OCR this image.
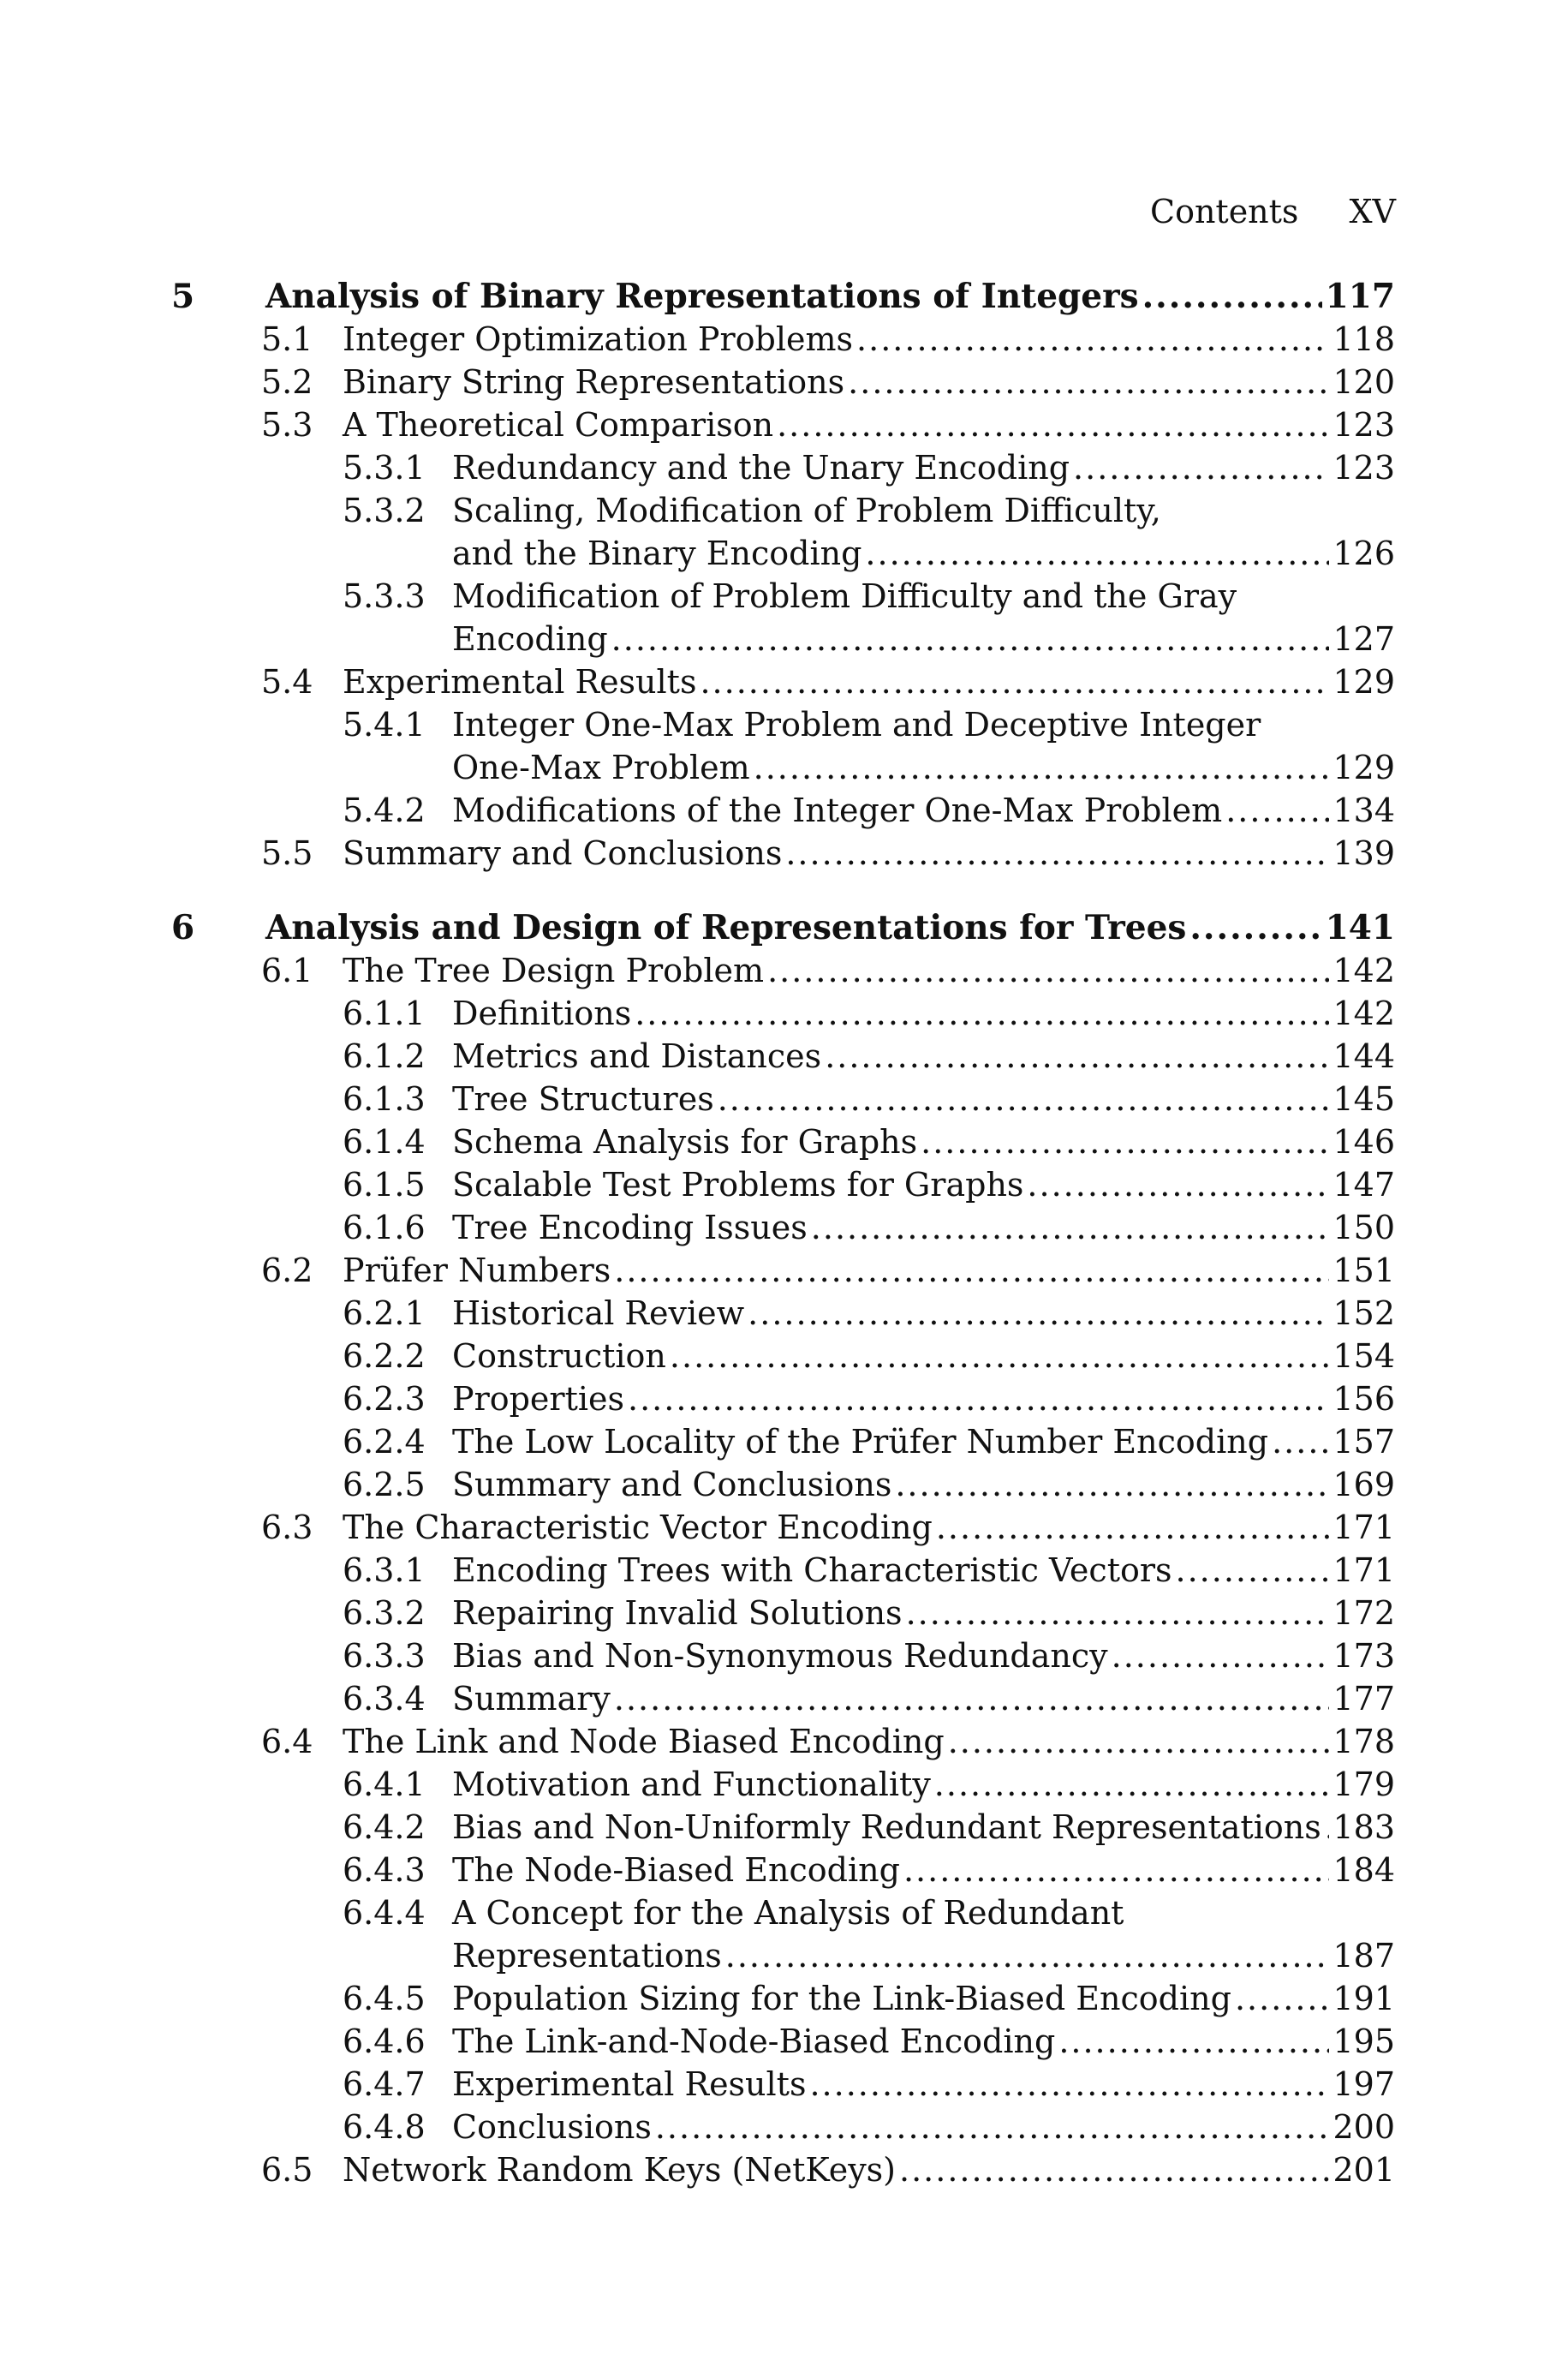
Contents XV
5 Analysis of Binary Representations of Integers .....	117
5.1 Integer Optimization Problems .....	118
5.2 Binary String Representations .....	120
5.3 A Theoretical Comparison .....	123
5.3.1 Redundancy and the Unary Encoding .....	123
5.3.2 Scaling, Modification of Problem Difficulty,
and the Binary Encoding .....	126
5.3.3 Modification of Problem Difficulty and the Gray
Encoding .....	127
5.4 Experimental Results .....	129
5.4.1 Integer One-Max Problem and Deceptive Integer
One-Max Problem .....	129
5.4.2 Modifications of the Integer One-Max Problem .....	134
5.5 Summary and Conclusions .....	139
6 Analysis and Design of Representations for Trees .....	141
6.1 The Tree Design Problem .....	142
6.1.1 Definitions .....	142
6.1.2 Metrics and Distances .....	144
6.1.3 Tree Structures .....	145
6.1.4 Schema Analysis for Graphs .....	146
6.1.5 Scalable Test Problems for Graphs .....	147
6.1.6 Tree Encoding Issues .....	150
6.2 Prüfer Numbers .....	151
6.2.1 Historical Review .....	152
6.2.2 Construction .....	154
6.2.3 Properties .....	156
6.2.4 The Low Locality of the Prüfer Number Encoding ..... 157
6.2.5 Summary and Conclusions .....	169
6.3 The Characteristic Vector Encoding .....	171
6.3.1 Encoding Trees with Characteristic Vectors .....	171
6.3.2 Repairing Invalid Solutions .....	172
6.3.3 Bias and Non-Synonymous Redundancy .....	173
6.3.4 Summary .....	177
6.4 The Link and Node Biased Encoding .....	178
6.4.1 Motivation and Functionality .....	179
6.4.2 Bias and Non-Uniformly Redundant Representations ..... 183
6.4.3 The Node-Biased Encoding .....	184
6.4.4 A Concept for the Analysis of Redundant
Representations .....	187
6.4.5 Population Sizing for the Link-Biased Encoding .....	191
6.4.6 The Link-and-Node-Biased Encoding .....	195
6.4.7 Experimental Results .....	197
6.4.8 Conclusions .....	200
6.5 Network Random Keys (NetKeys) .....	201
